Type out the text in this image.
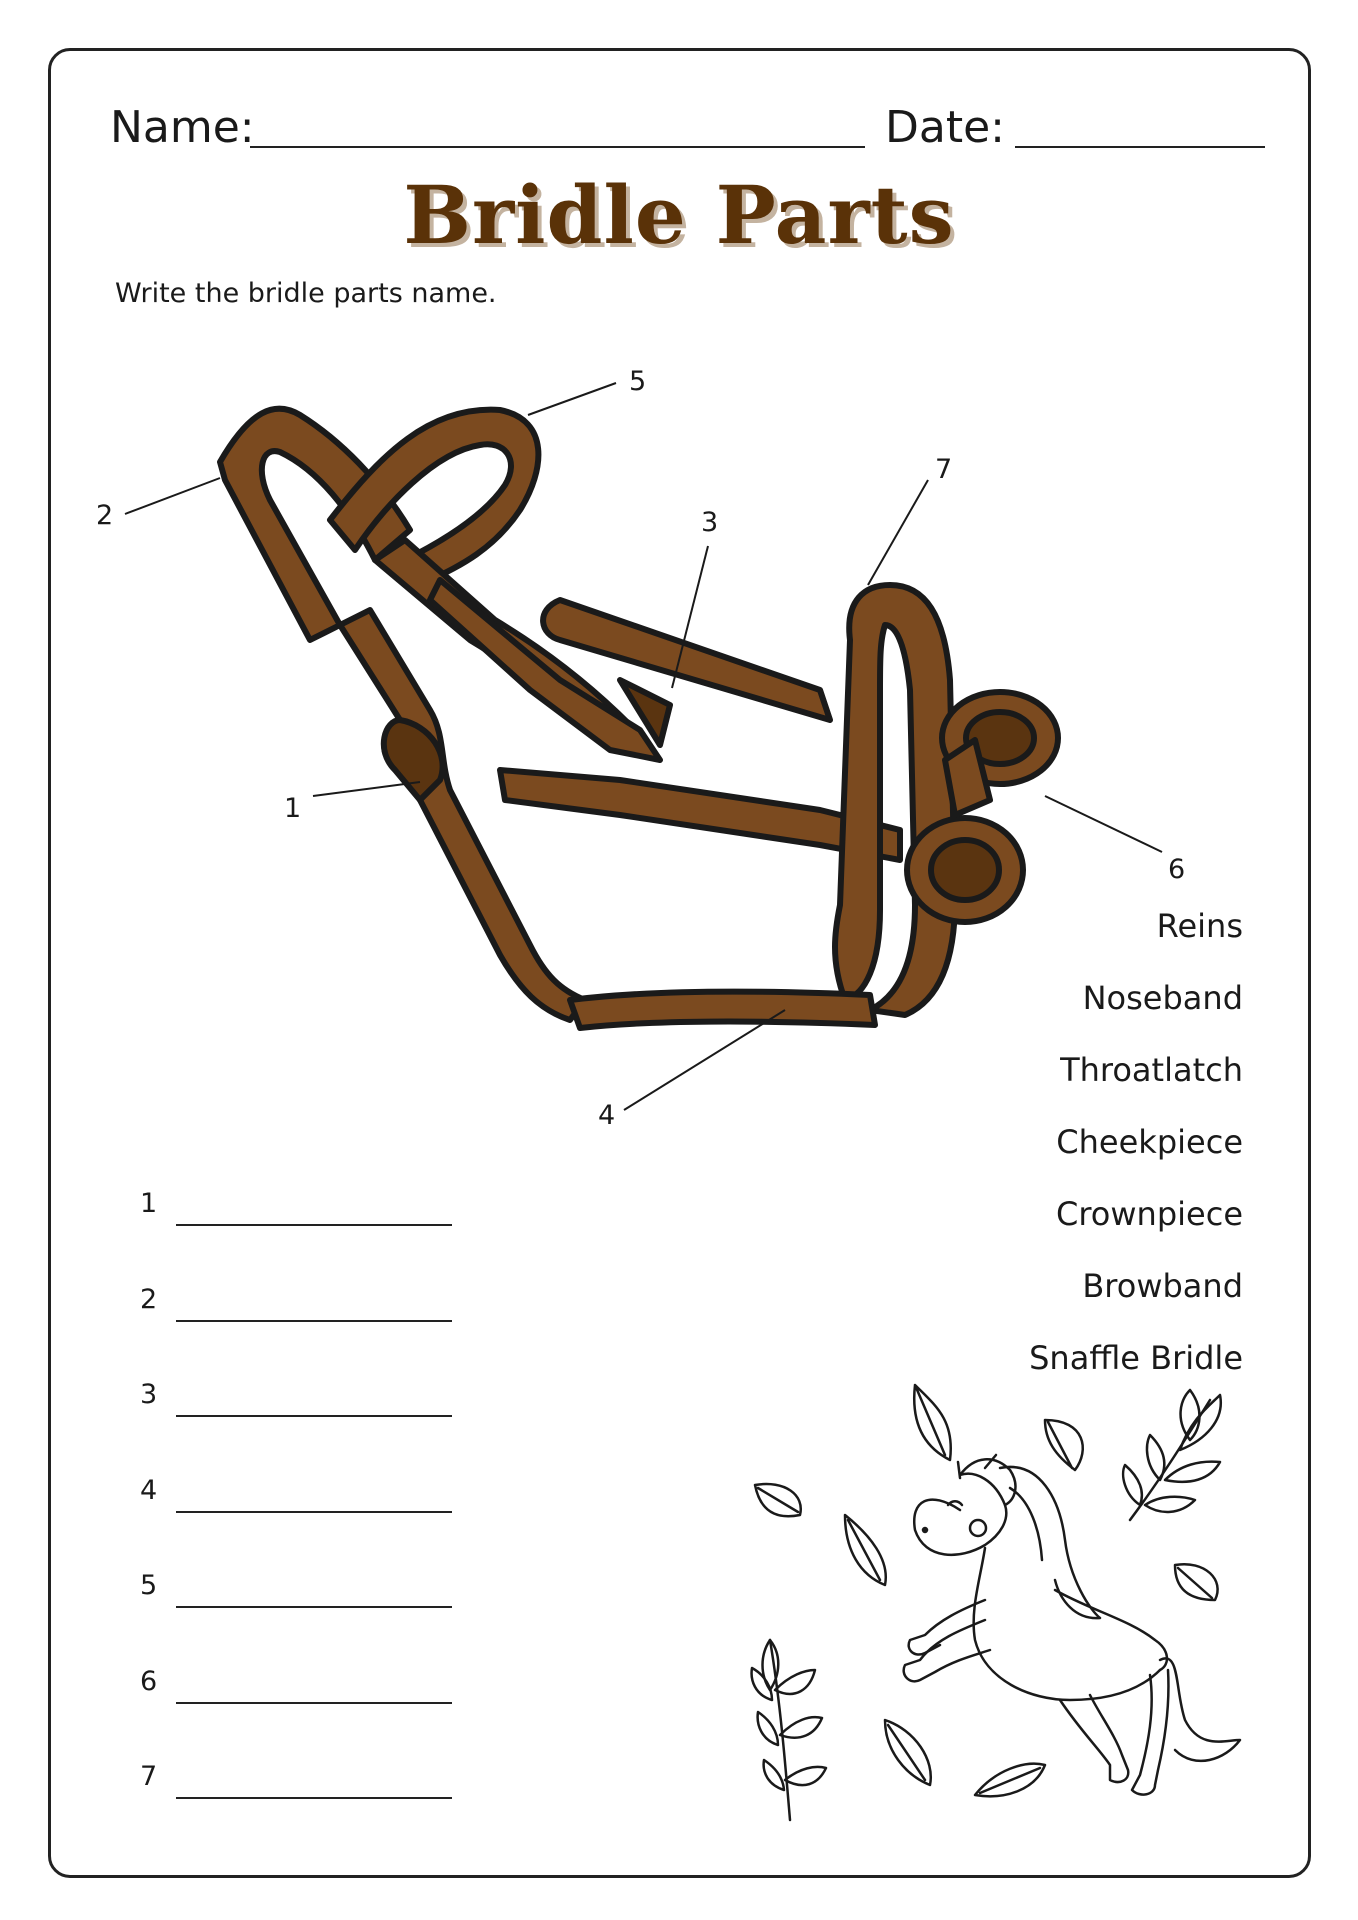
Name:	Date:
Bridle Parts
Write the bridle parts name.
1
2	3
4
5
6
7
Reins
Noseband
Throatlatch
Cheekpiece
Crownpiece
Browband
Snaffle Bridle
1
2
3
4
5
6
7
